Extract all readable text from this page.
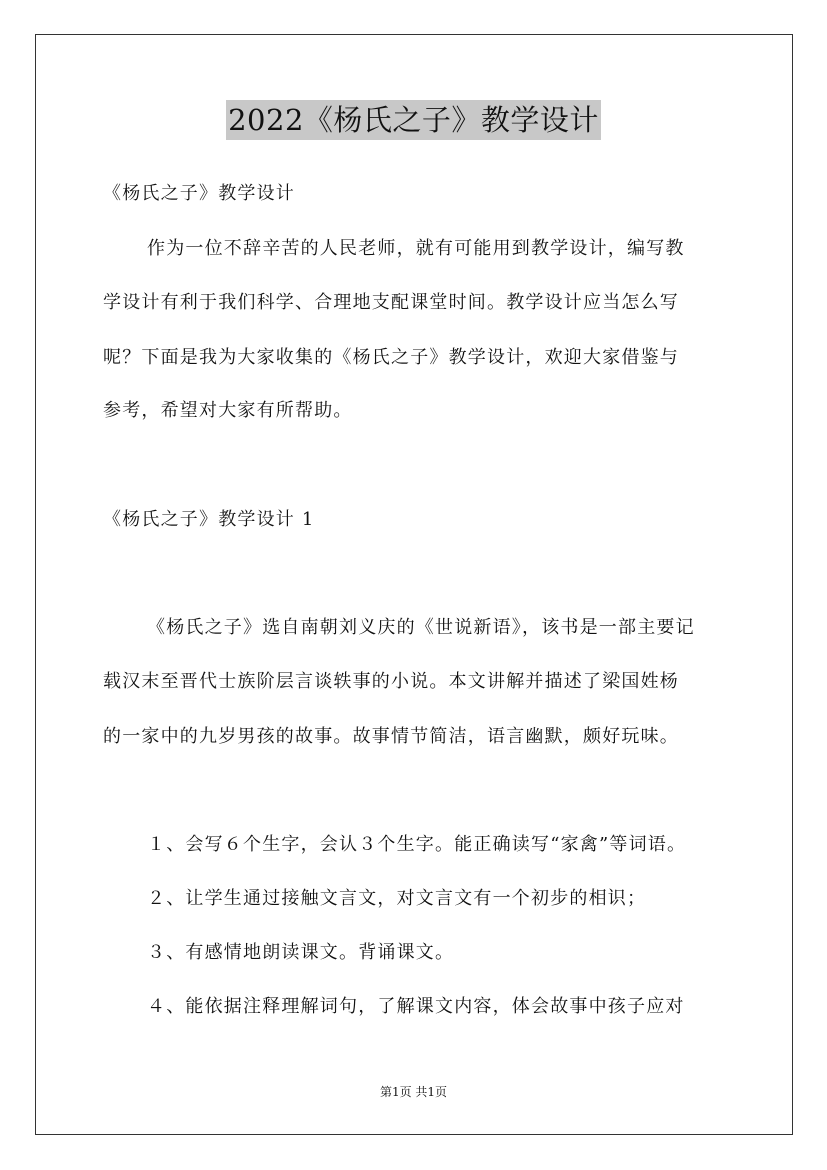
2022《杨氏之子》教学设计
《杨氏之子》教学设计
作为一位不辞辛苦的人民老师，就有可能用到教学设计，编写教
学设计有利于我们科学、合理地支配课堂时间。教学设计应当怎么写
呢？下面是我为大家收集的《杨氏之子》教学设计，欢迎大家借鉴与
参考，希望对大家有所帮助。
《杨氏之子》教学设计 1
《杨氏之子》选自南朝刘义庆的《世说新语》，该书是一部主要记
载汉末至晋代士族阶层言谈轶事的小说。本文讲解并描述了梁国姓杨
的一家中的九岁男孩的故事。故事情节简洁，语言幽默，颇好玩味。
１、会写６个生字，会认３个生字。能正确读写“家禽”等词语。
２、让学生通过接触文言文，对文言文有一个初步的相识；
３、有感情地朗读课文。背诵课文。
４、能依据注释理解词句，了解课文内容，体会故事中孩子应对
第1页 共1页
